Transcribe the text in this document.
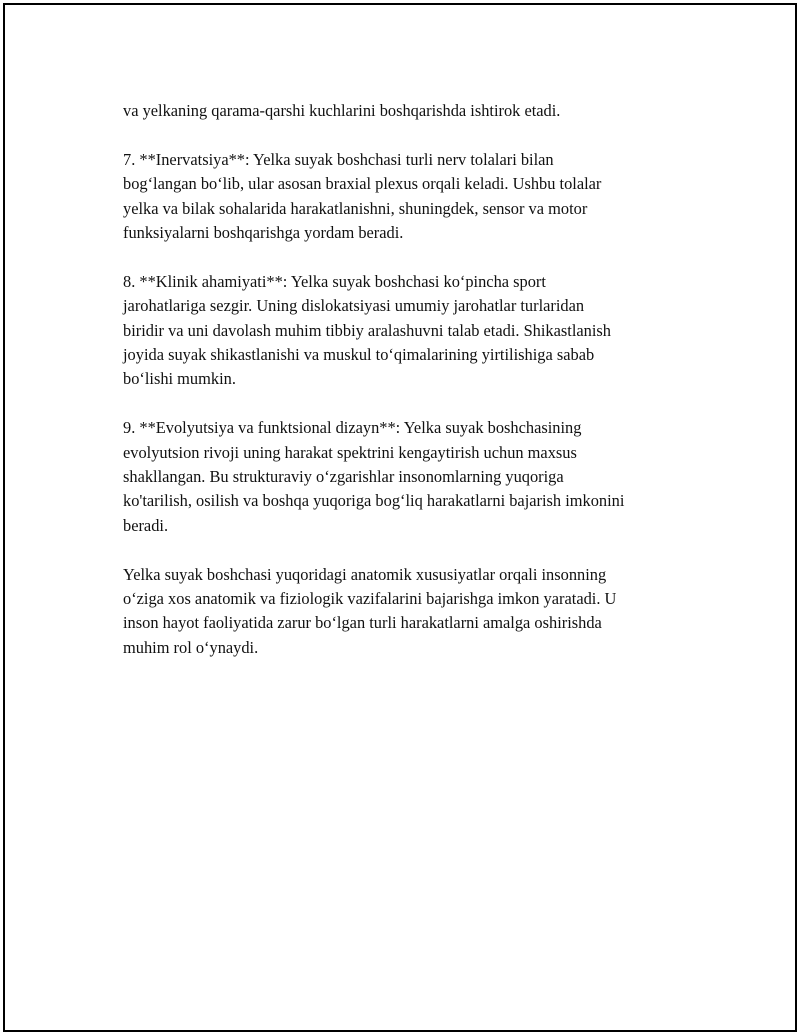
va yelkaning qarama-qarshi kuchlarini boshqarishda ishtirok etadi.

7. **Inervatsiya**: Yelka suyak boshchasi turli nerv tolalari bilan
bog‘langan bo‘lib, ular asosan braxial plexus orqali keladi. Ushbu tolalar
yelka va bilak sohalarida harakatlanishni, shuningdek, sensor va motor
funksiyalarni boshqarishga yordam beradi.

8. **Klinik ahamiyati**: Yelka suyak boshchasi ko‘pincha sport
jarohatlariga sezgir. Uning dislokatsiyasi umumiy jarohatlar turlaridan
biridir va uni davolash muhim tibbiy aralashuvni talab etadi. Shikastlanish
joyida suyak shikastlanishi va muskul to‘qimalarining yirtilishiga sabab
bo‘lishi mumkin.

9. **Evolyutsiya va funktsional dizayn**: Yelka suyak boshchasining
evolyutsion rivoji uning harakat spektrini kengaytirish uchun maxsus
shakllangan. Bu strukturaviy o‘zgarishlar insonomlarning yuqoriga
ko'tarilish, osilish va boshqa yuqoriga bog‘liq harakatlarni bajarish imkonini
beradi.

Yelka suyak boshchasi yuqoridagi anatomik xususiyatlar orqali insonning
o‘ziga xos anatomik va fiziologik vazifalarini bajarishga imkon yaratadi. U
inson hayot faoliyatida zarur bo‘lgan turli harakatlarni amalga oshirishda
muhim rol o‘ynaydi.
